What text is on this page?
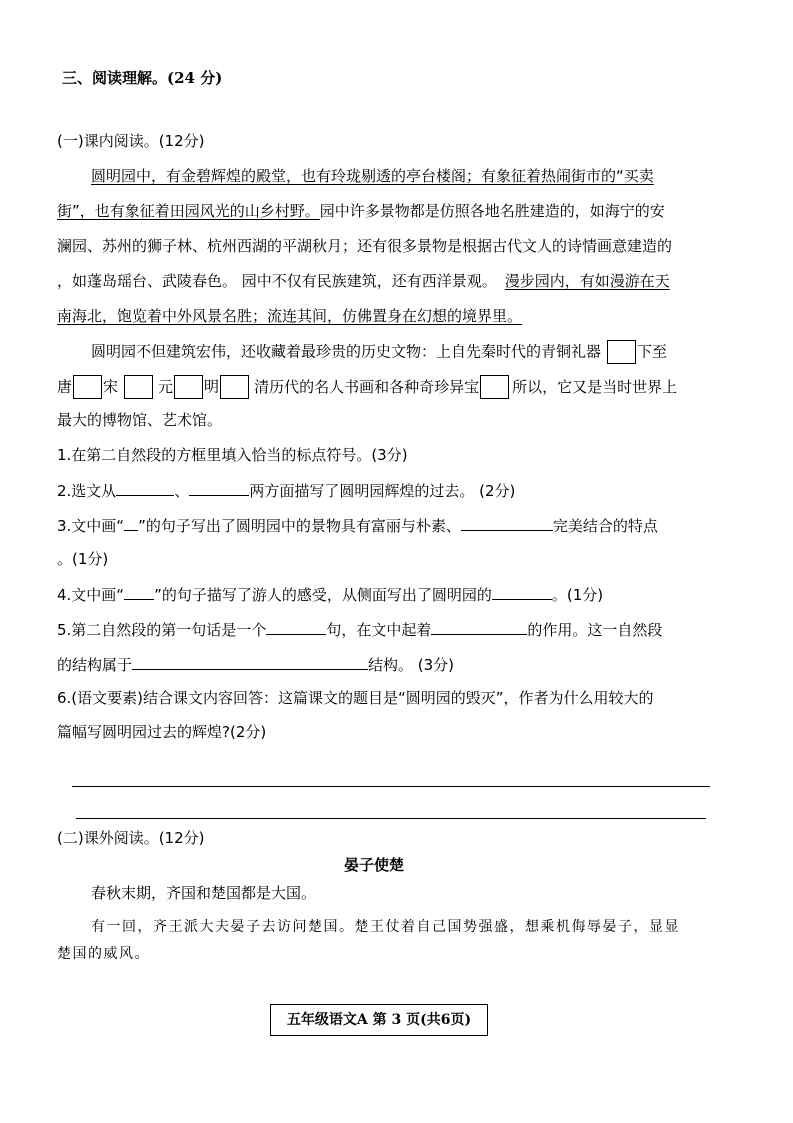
三、阅读理解。(24 分)
(一)课内阅读。(12分)
圆明园中，有金碧辉煌的殿堂，也有玲珑剔透的亭台楼阁；有象征着热闹街市的“买卖
街”，也有象征着田园风光的山乡村野。园中许多景物都是仿照各地名胜建造的，如海宁的安
澜园、苏州的狮子林、杭州西湖的平湖秋月；还有很多景物是根据古代文人的诗情画意建造的
，如蓬岛瑶台、武陵春色。 园中不仅有民族建筑，还有西洋景观。 漫步园内，有如漫游在天
南海北，饱览着中外风景名胜；流连其间，仿佛置身在幻想的境界里。
圆明园不但建筑宏伟，还收藏着最珍贵的历史文物：上自先秦时代的青铜礼器 下至
唐 宋	元 明 清历代的名人书画和各种奇珍异宝 所以，它又是当时世界上
最大的博物馆、艺术馆。
1.在第二自然段的方框里填入恰当的标点符号。(3分)
2.选文从	、	两方面描写了圆明园辉煌的过去。 (2分)
3.文中画“ ”的句子写出了圆明园中的景物具有富丽与朴素、	完美结合的特点
。(1分)
4.文中画“ ”的句子描写了游人的感受，从侧面写出了圆明园的	。(1分)
5.第二自然段的第一句话是一个	句，在文中起着	的作用。这一自然段
的结构属于	结构。 (3分)
6.(语文要素)结合课文内容回答：这篇课文的题目是“圆明园的毁灭”，作者为什么用较大的
篇幅写圆明园过去的辉煌?(2分)
(二)课外阅读。(12分)
晏子使楚
春秋末期，齐国和楚国都是大国。
有一回，齐王派大夫晏子去访问楚国。楚王仗着自己国势强盛，想乘机侮辱晏子，显显
楚国的威风。
五年级语文A 第 3 页(共6页)
